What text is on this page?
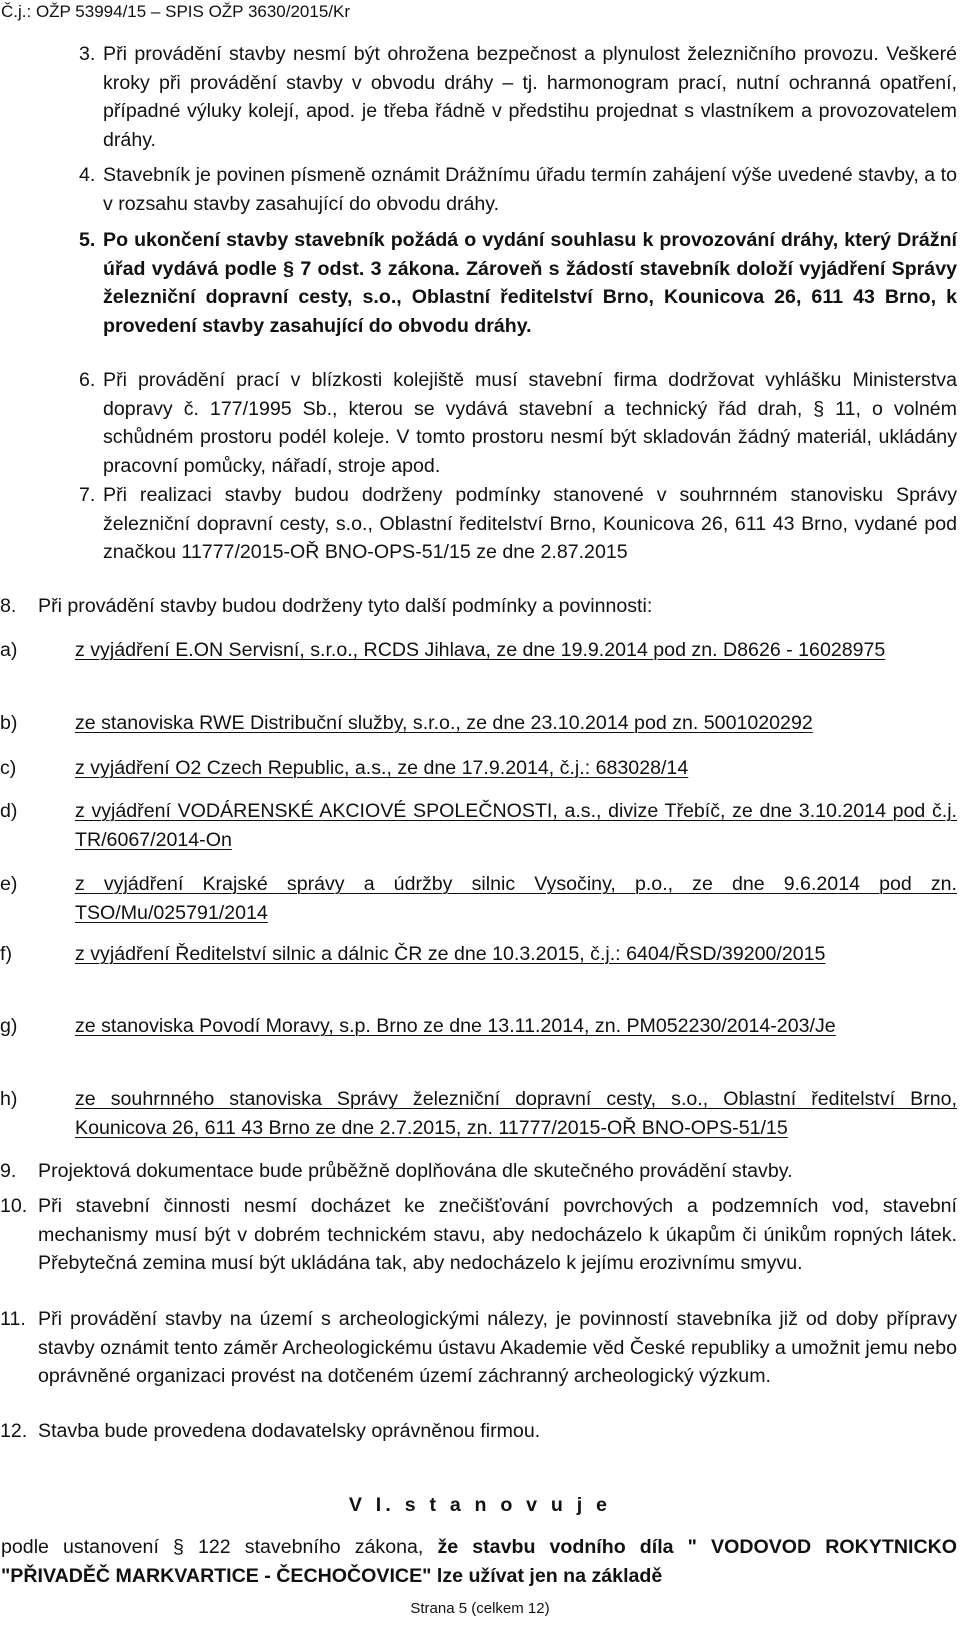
Č.j.: OŽP 53994/15 – SPIS OŽP 3630/2015/Kr
3. Při provádění stavby nesmí být ohrožena bezpečnost a plynulost železničního provozu. Veškeré kroky při provádění stavby v obvodu dráhy – tj. harmonogram prací, nutní ochranná opatření, případné výluky kolejí, apod. je třeba řádně v předstihu projednat s vlastníkem a provozovatelem dráhy.
4. Stavebník je povinen písmeně oznámit Drážnímu úřadu termín zahájení výše uvedené stavby, a to v rozsahu stavby zasahující do obvodu dráhy.
5. Po ukončení stavby stavebník požádá o vydání souhlasu k provozování dráhy, který Drážní úřad vydává podle § 7 odst. 3 zákona. Zároveň s žádostí stavebník doloží vyjádření Správy železniční dopravní cesty, s.o., Oblastní ředitelství Brno, Kounicova 26, 611 43 Brno, k provedení stavby zasahující do obvodu dráhy.
6. Při provádění prací v blízkosti kolejiště musí stavební firma dodržovat vyhlášku Ministerstva dopravy č. 177/1995 Sb., kterou se vydává stavební a technický řád drah, § 11, o volném schůdném prostoru podél koleje. V tomto prostoru nesmí být skladován žádný materiál, ukládány pracovní pomůcky, nářadí, stroje apod.
7. Při realizaci stavby budou dodrženy podmínky stanovené v souhrnném stanovisku Správy železniční dopravní cesty, s.o., Oblastní ředitelství Brno, Kounicova 26, 611 43 Brno, vydané pod značkou 11777/2015-OŘ BNO-OPS-51/15 ze dne 2.87.2015
8. Při provádění stavby budou dodrženy tyto další podmínky a povinnosti:
a)	z vyjádření E.ON Servisní, s.r.o., RCDS Jihlava, ze dne 19.9.2014 pod zn. D8626 - 16028975
b)	ze stanoviska RWE Distribuční služby, s.r.o., ze dne 23.10.2014 pod zn. 5001020292
c)	z vyjádření O2 Czech Republic, a.s., ze dne 17.9.2014, č.j.: 683028/14
d)	z vyjádření VODÁRENSKÉ AKCIOVÉ SPOLEČNOSTI, a.s., divize Třebíč, ze dne 3.10.2014 pod č.j. TR/6067/2014-On
e)	z vyjádření Krajské správy a údržby silnic Vysočiny, p.o., ze dne 9.6.2014 pod zn. TSO/Mu/025791/2014
f)	z vyjádření Ředitelství silnic a dálnic ČR ze dne 10.3.2015, č.j.: 6404/ŘSD/39200/2015
g)	ze stanoviska Povodí Moravy, s.p. Brno ze dne 13.11.2014, zn. PM052230/2014-203/Je
h)	ze souhrnného stanoviska Správy železniční dopravní cesty, s.o., Oblastní ředitelství Brno, Kounicova 26, 611 43 Brno ze dne 2.7.2015, zn. 11777/2015-OŘ BNO-OPS-51/15
9. Projektová dokumentace bude průběžně doplňována dle skutečného provádění stavby.
10. Při stavební činnosti nesmí docházet ke znečišťování povrchových a podzemních vod, stavební mechanismy musí být v dobrém technickém stavu, aby nedocházelo k úkapům či únikům ropných látek. Přebytečná zemina musí být ukládána tak, aby nedocházelo k jejímu erozivnímu smyvu.
11. Při provádění stavby na území s archeologickými nálezy, je povinností stavebníka již od doby přípravy stavby oznámit tento záměr Archeologickému ústavu Akademie věd České republiky a umožnit jemu nebo oprávněné organizaci provést na dotčeném území záchranný archeologický výzkum.
12. Stavba bude provedena dodavatelsky oprávněnou firmou.
V I. s t a n o v u j e
podle ustanovení § 122 stavebního zákona, že stavbu vodního díla " VODOVOD ROKYTNICKO "PŘIVADĚČ MARKVARTICE - ČECHOČOVICE" lze užívat jen na základě
Strana 5 (celkem 12)
